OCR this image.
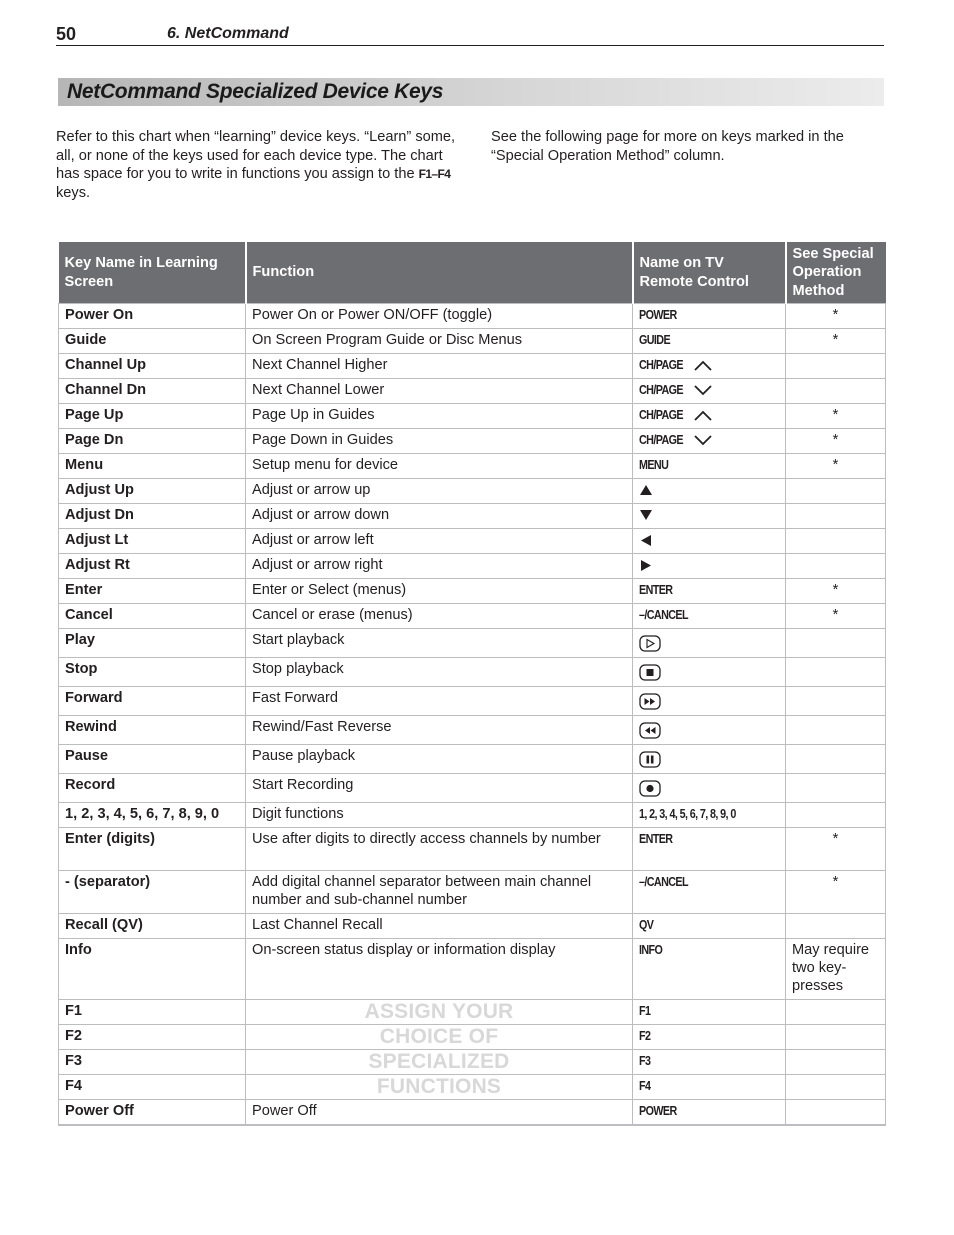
50	6. NetCommand
NetCommand Specialized Device Keys
Refer to this chart when “learning” device keys. “Learn” some, all, or none of the keys used for each device type. The chart has space for you to write in functions you assign to the F1–F4 keys.
See the following page for more on keys marked in the “Special Operation Method” column.
Key Name in Learning Screen	Function	Name on TV Remote Control	See Special Operation Method
Power On	Power On or Power ON/OFF (toggle)	POWER	*
Guide	On Screen Program Guide or Disc Menus	GUIDE	*
Channel Up	Next Channel Higher	CH/PAGE	
Channel Dn	Next Channel Lower	CH/PAGE	
Page Up	Page Up in Guides	CH/PAGE	*
Page Dn	Page Down in Guides	CH/PAGE	*
Menu	Setup menu for device	MENU	*
Adjust Up	Adjust or arrow up		
Adjust Dn	Adjust or arrow down		
Adjust Lt	Adjust or arrow left		
Adjust Rt	Adjust or arrow right		
Enter	Enter or Select (menus)	ENTER	*
Cancel	Cancel or erase (menus)	–/CANCEL	*
Play	Start playback		
Stop	Stop playback		
Forward	Fast Forward		
Rewind	Rewind/Fast Reverse		
Pause	Pause playback		
Record	Start Recording		
1, 2, 3, 4, 5, 6, 7, 8, 9, 0	Digit functions	1, 2, 3, 4, 5, 6, 7, 8, 9, 0	
Enter (digits)	Use after digits to directly access channels by number	ENTER	*
- (separator)	Add digital channel separator between main channel number and sub-channel number	–/CANCEL	*
Recall (QV)	Last Channel Recall	QV	
Info	On-screen status display or information display	INFO	May require two key-presses
F1	ASSIGN YOUR	F1	
F2	CHOICE OF	F2	
F3	SPECIALIZED	F3	
F4	FUNCTIONS	F4	
Power Off	Power Off	POWER	
